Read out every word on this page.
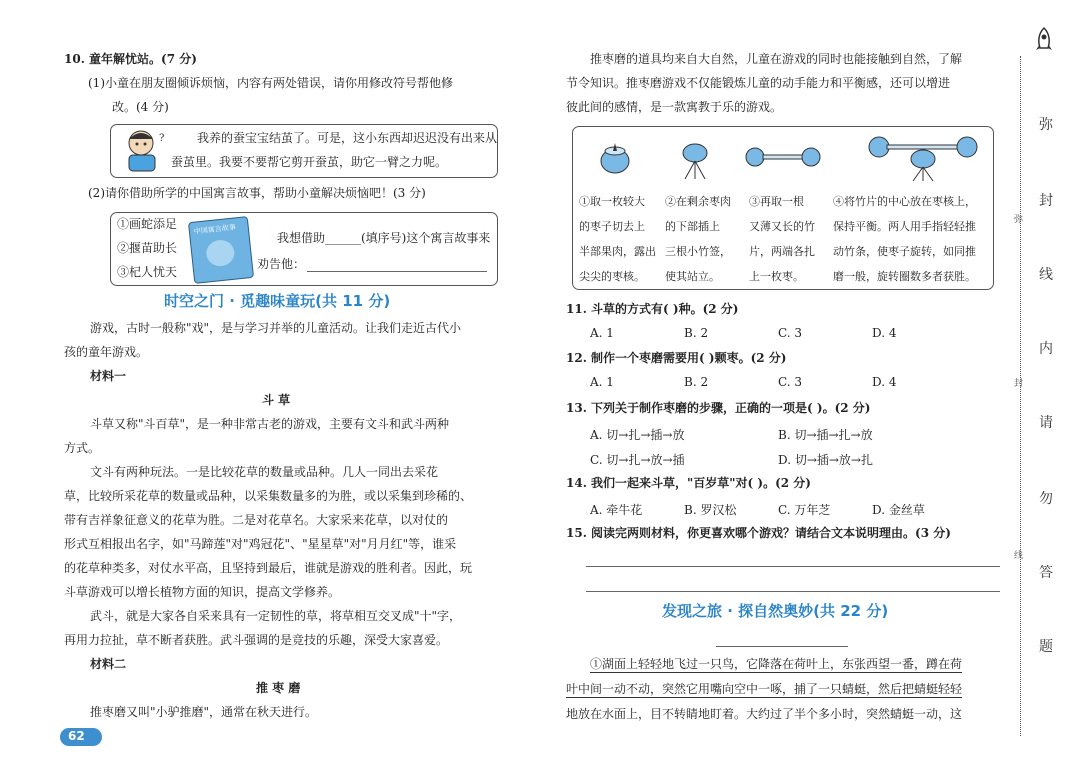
10. 童年解忧站。(7 分)
(1)小童在朋友圈倾诉烦恼，内容有两处错误，请你用修改符号帮他修
改。(4 分)
?	我养的蚕宝宝结茧了。可是，这小东西却迟迟没有出来从
蚕茧里。我要不要帮它剪开蚕茧，助它一臂之力呢。
(2)请你借助所学的中国寓言故事，帮助小童解决烦恼吧！(3 分)
①画蛇添足
②揠苗助长
③杞人忧天
中国寓言故事
我想借助______(填序号)这个寓言故事来
劝告他：
时空之门 · 觅趣味童玩(共 11 分)
游戏，古时一般称"戏"，是与学习并举的儿童活动。让我们走近古代小
孩的童年游戏。
材料一
斗 草
斗草又称"斗百草"，是一种非常古老的游戏，主要有文斗和武斗两种
方式。
文斗有两种玩法。一是比较花草的数量或品种。几人一同出去采花
草，比较所采花草的数量或品种，以采集数量多的为胜，或以采集到珍稀的、
带有吉祥象征意义的花草为胜。二是对花草名。大家采来花草，以对仗的
形式互相报出名字，如"马蹄莲"对"鸡冠花"、"星星草"对"月月红"等，谁采
的花草种类多，对仗水平高，且坚持到最后，谁就是游戏的胜利者。因此，玩
斗草游戏可以增长植物方面的知识，提高文学修养。
武斗，就是大家各自采来具有一定韧性的草，将草相互交叉成"十"字，
再用力拉扯，草不断者获胜。武斗强调的是竞技的乐趣，深受大家喜爱。
材料二
推 枣 磨
推枣磨又叫"小驴推磨"，通常在秋天进行。
62
推枣磨的道具均来自大自然，儿童在游戏的同时也能接触到自然，了解
节令知识。推枣磨游戏不仅能锻炼儿童的动手能力和平衡感，还可以增进
彼此间的感情，是一款寓教于乐的游戏。
①取一枚较大
的枣子切去上
半部果肉，露出
尖尖的枣核。
②在剩余枣肉
的下部插上
三根小竹签，
使其站立。
③再取一根
又薄又长的竹
片，两端各扎
上一枚枣。
④将竹片的中心放在枣核上，
保持平衡。两人用手指轻轻推
动竹条，使枣子旋转，如同推
磨一般，旋转圈数多者获胜。
11. 斗草的方式有( )种。(2 分)
A. 1	B. 2	C. 3	D. 4
12. 制作一个枣磨需要用( )颗枣。(2 分)
A. 1	B. 2	C. 3	D. 4
13. 下列关于制作枣磨的步骤，正确的一项是( )。(2 分)
A. 切→扎→插→放	B. 切→插→扎→放
C. 切→扎→放→插	D. 切→插→放→扎
14. 我们一起来斗草，"百岁草"对( )。(2 分)
A. 牵牛花	B. 罗汉松	C. 万年芝	D. 金丝草
15. 阅读完两则材料，你更喜欢哪个游戏？请结合文本说明理由。(3 分)
发现之旅 · 探自然奥妙(共 22 分)
①湖面上轻轻地飞过一只鸟，它降落在荷叶上，东张西望一番，蹲在荷
叶中间一动不动，突然它用嘴向空中一啄，捕了一只蜻蜓，然后把蜻蜓轻轻
地放在水面上，目不转睛地盯着。大约过了半个多小时，突然蜻蜓一动，这
弥
封
线
内
请
勿
答
题
弥
封
线
